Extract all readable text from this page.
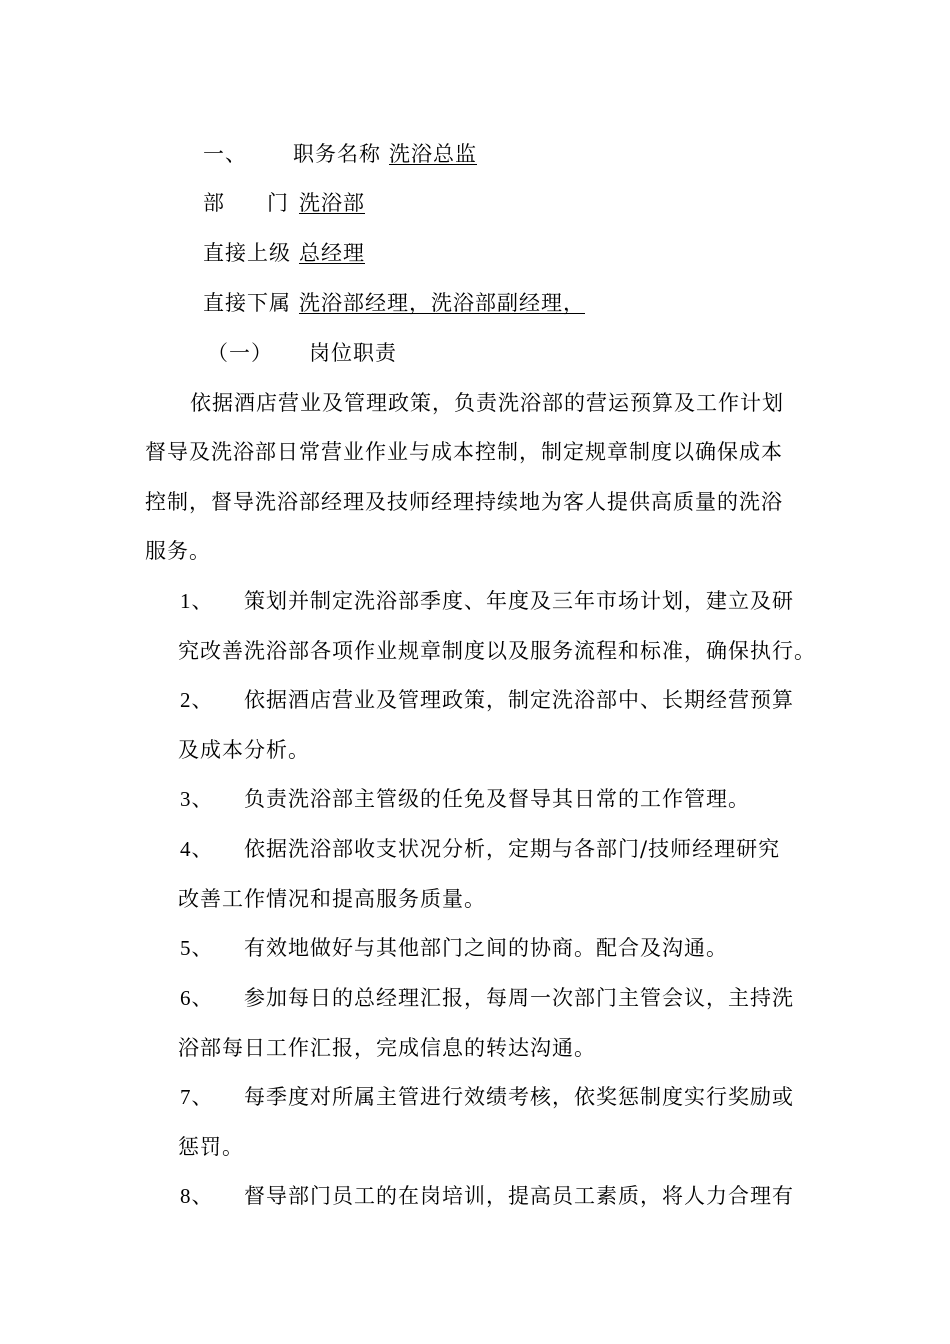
一、 职务名称 洗浴总监
部 门 洗浴部
直接上级 总经理
直接下属 洗浴部经理，洗浴部副经理，
（一） 岗位职责
依据酒店营业及管理政策，负责洗浴部的营运预算及工作计划
督导及洗浴部日常营业作业与成本控制，制定规章制度以确保成本
控制，督导洗浴部经理及技师经理持续地为客人提供高质量的洗浴
服务。
1、 策划并制定洗浴部季度、年度及三年市场计划，建立及研
究改善洗浴部各项作业规章制度以及服务流程和标准，确保执行。
2、 依据酒店营业及管理政策，制定洗浴部中、长期经营预算
及成本分析。
3、 负责洗浴部主管级的任免及督导其日常的工作管理。
4、 依据洗浴部收支状况分析，定期与各部门/技师经理研究
改善工作情况和提高服务质量。
5、 有效地做好与其他部门之间的协商。配合及沟通。
6、 参加每日的总经理汇报，每周一次部门主管会议，主持洗
浴部每日工作汇报，完成信息的转达沟通。
7、 每季度对所属主管进行效绩考核，依奖惩制度实行奖励或
惩罚。
8、 督导部门员工的在岗培训，提高员工素质，将人力合理有
